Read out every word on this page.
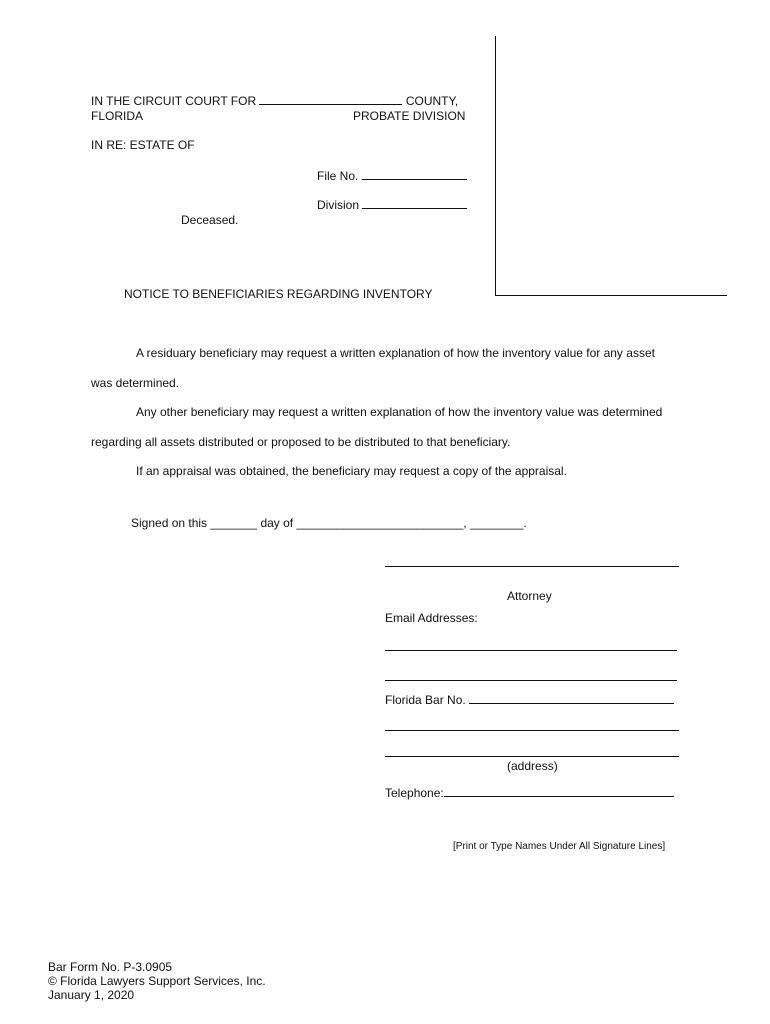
IN THE CIRCUIT COURT FOR	COUNTY,
FLORIDA	PROBATE DIVISION
IN RE: ESTATE OF
File No.
Division
Deceased.
NOTICE TO BENEFICIARIES REGARDING INVENTORY
A residuary beneficiary may request a written explanation of how the inventory value for any asset
was determined.
Any other beneficiary may request a written explanation of how the inventory value was determined
regarding all assets distributed or proposed to be distributed to that beneficiary.
If an appraisal was obtained, the beneficiary may request a copy of the appraisal.
Signed on this _______ day of _________________________, ________.
Attorney
Email Addresses:
Florida Bar No.
(address)
Telephone:
[Print or Type Names Under All Signature Lines]
Bar Form No. P-3.0905
© Florida Lawyers Support Services, Inc.
January 1, 2020
